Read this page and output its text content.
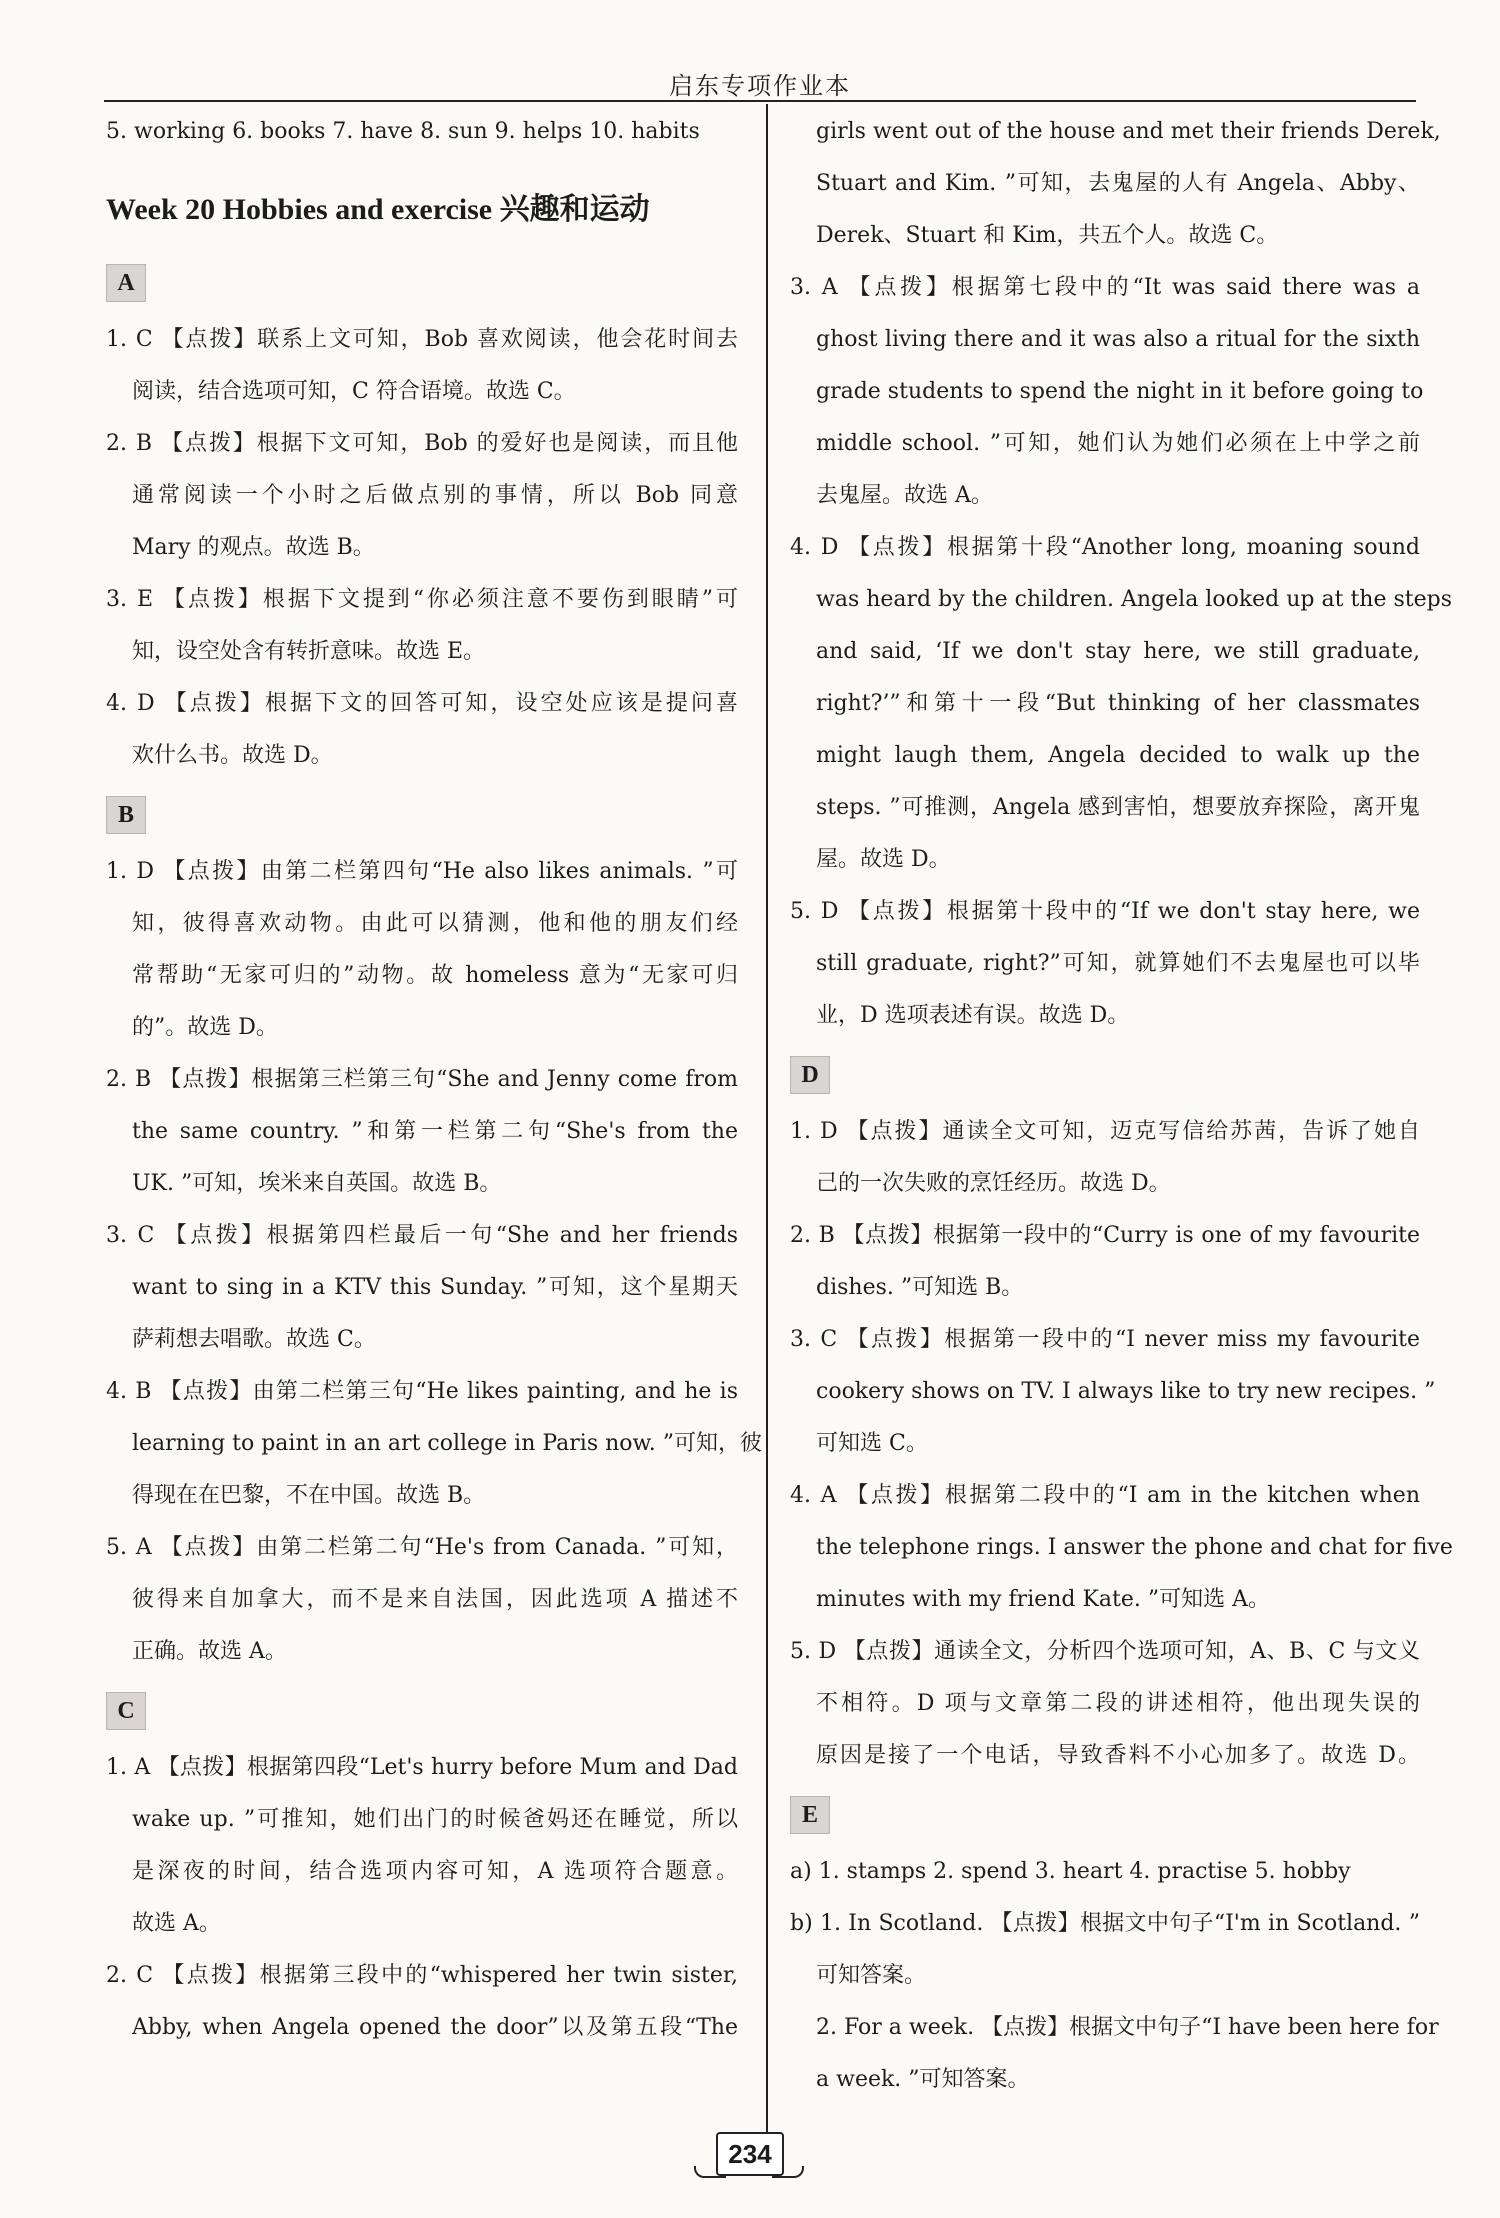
启东专项作业本
5. working 6. books 7. have 8. sun 9. helps 10. habits
Week 20 Hobbies and exercise 兴趣和运动
A
1. C 【点拨】联系上文可知，Bob 喜欢阅读，他会花时间去
阅读，结合选项可知，C 符合语境。故选 C。
2. B 【点拨】根据下文可知，Bob 的爱好也是阅读，而且他
通常阅读一个小时之后做点别的事情，所以 Bob 同意
Mary 的观点。故选 B。
3. E 【点拨】根据下文提到“你必须注意不要伤到眼睛”可
知，设空处含有转折意味。故选 E。
4. D 【点拨】根据下文的回答可知，设空处应该是提问喜
欢什么书。故选 D。
B
1. D 【点拨】由第二栏第四句“He also likes animals. ”可
知，彼得喜欢动物。由此可以猜测，他和他的朋友们经
常帮助“无家可归的”动物。故 homeless 意为“无家可归
的”。故选 D。
2. B 【点拨】根据第三栏第三句“She and Jenny come from
the same country. ”和第一栏第二句“She's from the
UK. ”可知，埃米来自英国。故选 B。
3. C 【点拨】根据第四栏最后一句“She and her friends
want to sing in a KTV this Sunday. ”可知，这个星期天
萨莉想去唱歌。故选 C。
4. B 【点拨】由第二栏第三句“He likes painting, and he is
learning to paint in an art college in Paris now. ”可知，彼
得现在在巴黎，不在中国。故选 B。
5. A 【点拨】由第二栏第二句“He's from Canada. ”可知，
彼得来自加拿大，而不是来自法国，因此选项 A 描述不
正确。故选 A。
C
1. A 【点拨】根据第四段“Let's hurry before Mum and Dad
wake up. ”可推知，她们出门的时候爸妈还在睡觉，所以
是深夜的时间，结合选项内容可知，A 选项符合题意。
故选 A。
2. C 【点拨】根据第三段中的“whispered her twin sister,
Abby, when Angela opened the door”以及第五段“The
girls went out of the house and met their friends Derek,
Stuart and Kim. ”可知，去鬼屋的人有 Angela、Abby、
Derek、Stuart 和 Kim，共五个人。故选 C。
3. A 【点拨】根据第七段中的“It was said there was a
ghost living there and it was also a ritual for the sixth
grade students to spend the night in it before going to
middle school. ”可知，她们认为她们必须在上中学之前
去鬼屋。故选 A。
4. D 【点拨】根据第十段“Another long, moaning sound
was heard by the children. Angela looked up at the steps
and said, ‘If we don't stay here, we still graduate,
right?’”和第十一段“But thinking of her classmates
might laugh them, Angela decided to walk up the
steps. ”可推测，Angela 感到害怕，想要放弃探险，离开鬼
屋。故选 D。
5. D 【点拨】根据第十段中的“If we don't stay here, we
still graduate, right?”可知，就算她们不去鬼屋也可以毕
业，D 选项表述有误。故选 D。
D
1. D 【点拨】通读全文可知，迈克写信给苏茜，告诉了她自
己的一次失败的烹饪经历。故选 D。
2. B 【点拨】根据第一段中的“Curry is one of my favourite
dishes. ”可知选 B。
3. C 【点拨】根据第一段中的“I never miss my favourite
cookery shows on TV. I always like to try new recipes. ”
可知选 C。
4. A 【点拨】根据第二段中的“I am in the kitchen when
the telephone rings. I answer the phone and chat for five
minutes with my friend Kate. ”可知选 A。
5. D 【点拨】通读全文，分析四个选项可知，A、B、C 与文义
不相符。D 项与文章第二段的讲述相符，他出现失误的
原因是接了一个电话，导致香料不小心加多了。故选 D。
E
a) 1. stamps 2. spend 3. heart 4. practise 5. hobby
b) 1. In Scotland. 【点拨】根据文中句子“I'm in Scotland. ”
可知答案。
2. For a week. 【点拨】根据文中句子“I have been here for
a week. ”可知答案。
234
